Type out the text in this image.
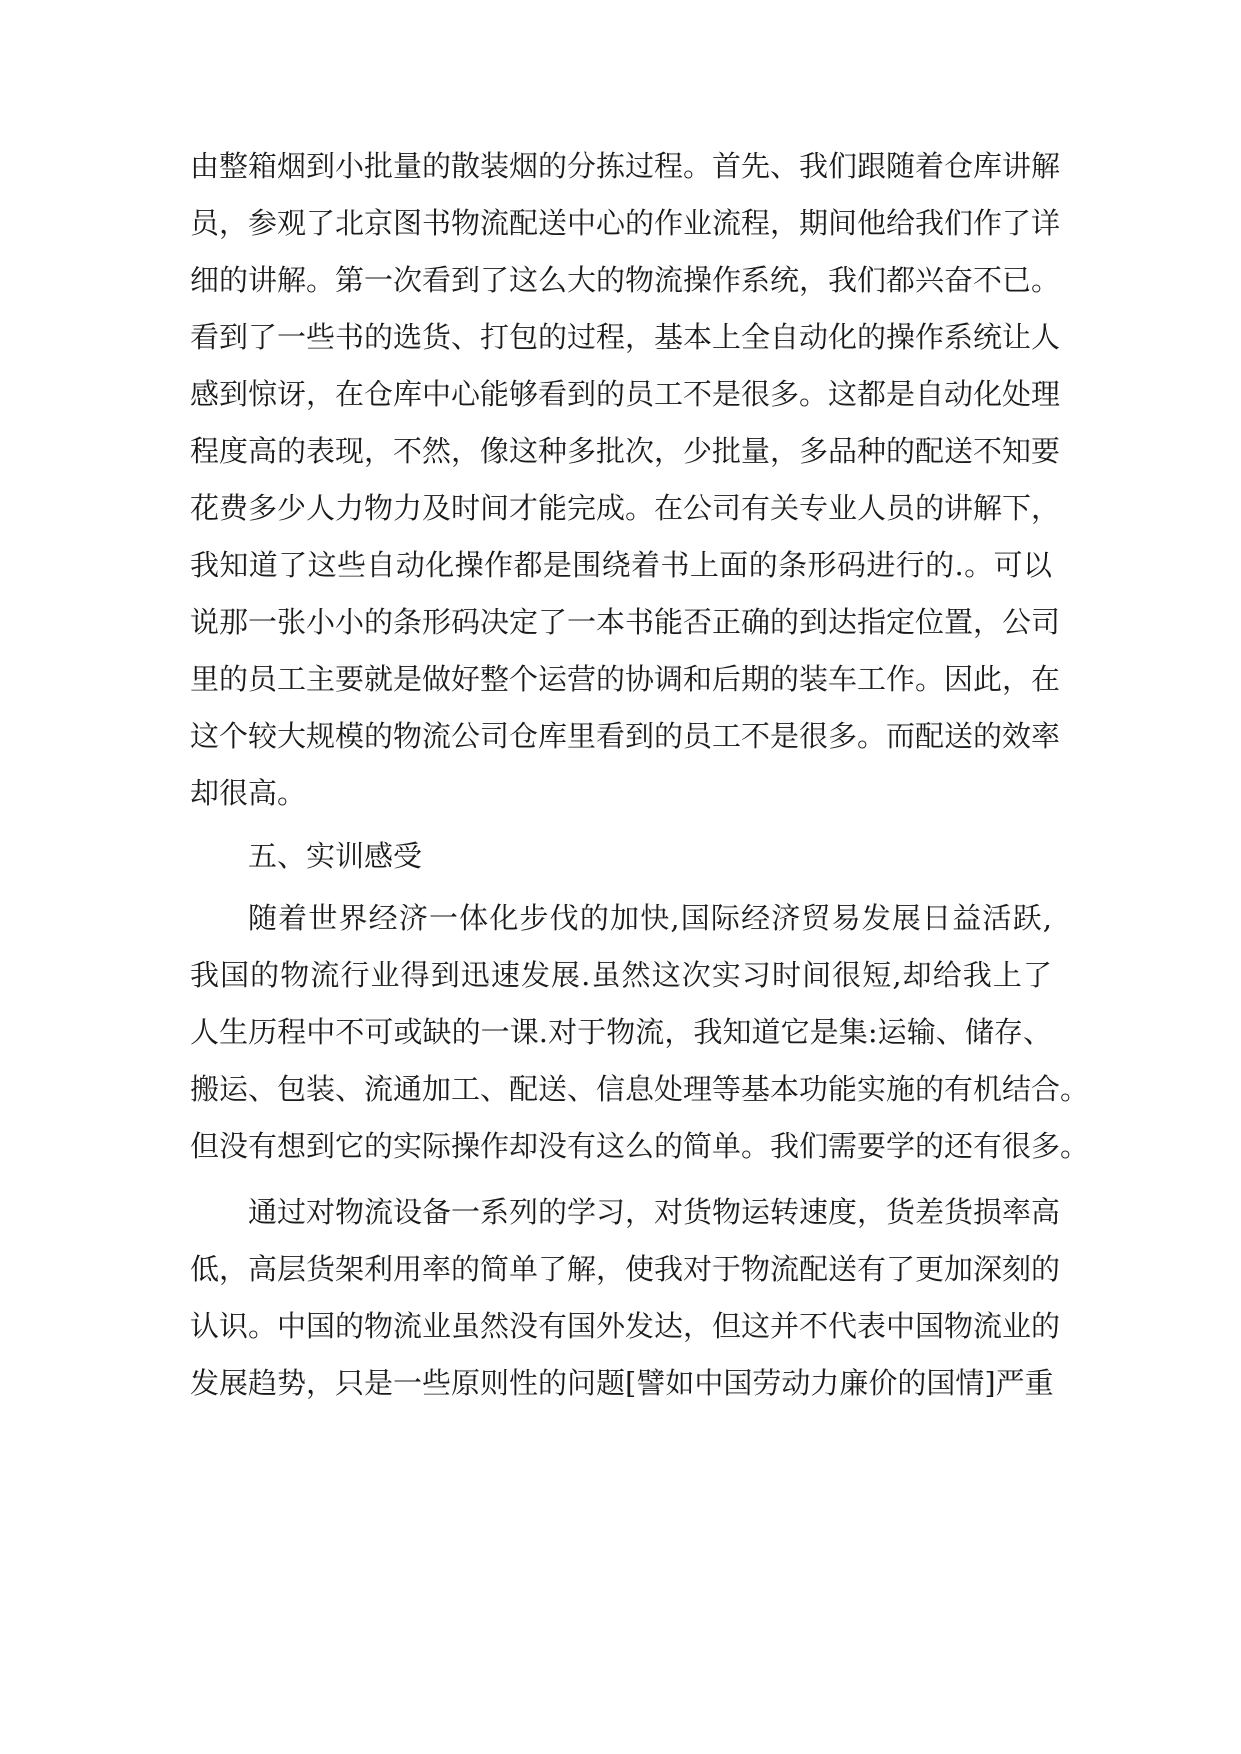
由整箱烟到小批量的散装烟的分拣过程。首先、我们跟随着仓库讲解
员，参观了北京图书物流配送中心的作业流程，期间他给我们作了详
细的讲解。第一次看到了这么大的物流操作系统，我们都兴奋不已。
看到了一些书的选货、打包的过程，基本上全自动化的操作系统让人
感到惊讶，在仓库中心能够看到的员工不是很多。这都是自动化处理
程度高的表现，不然，像这种多批次，少批量，多品种的配送不知要
花费多少人力物力及时间才能完成。在公司有关专业人员的讲解下，
我知道了这些自动化操作都是围绕着书上面的条形码进行的.。可以
说那一张小小的条形码决定了一本书能否正确的到达指定位置，公司
里的员工主要就是做好整个运营的协调和后期的装车工作。因此，在
这个较大规模的物流公司仓库里看到的员工不是很多。而配送的效率
却很高。
五、实训感受
随着世界经济一体化步伐的加快,国际经济贸易发展日益活跃,
我国的物流行业得到迅速发展.虽然这次实习时间很短,却给我上了
人生历程中不可或缺的一课.对于物流，我知道它是集:运输、储存、
搬运、包装、流通加工、配送、信息处理等基本功能实施的有机结合。
但没有想到它的实际操作却没有这么的简单。我们需要学的还有很多。
通过对物流设备一系列的学习，对货物运转速度，货差货损率高
低，高层货架利用率的简单了解，使我对于物流配送有了更加深刻的
认识。中国的物流业虽然没有国外发达，但这并不代表中国物流业的
发展趋势，只是一些原则性的问题[譬如中国劳动力廉价的国情]严重
